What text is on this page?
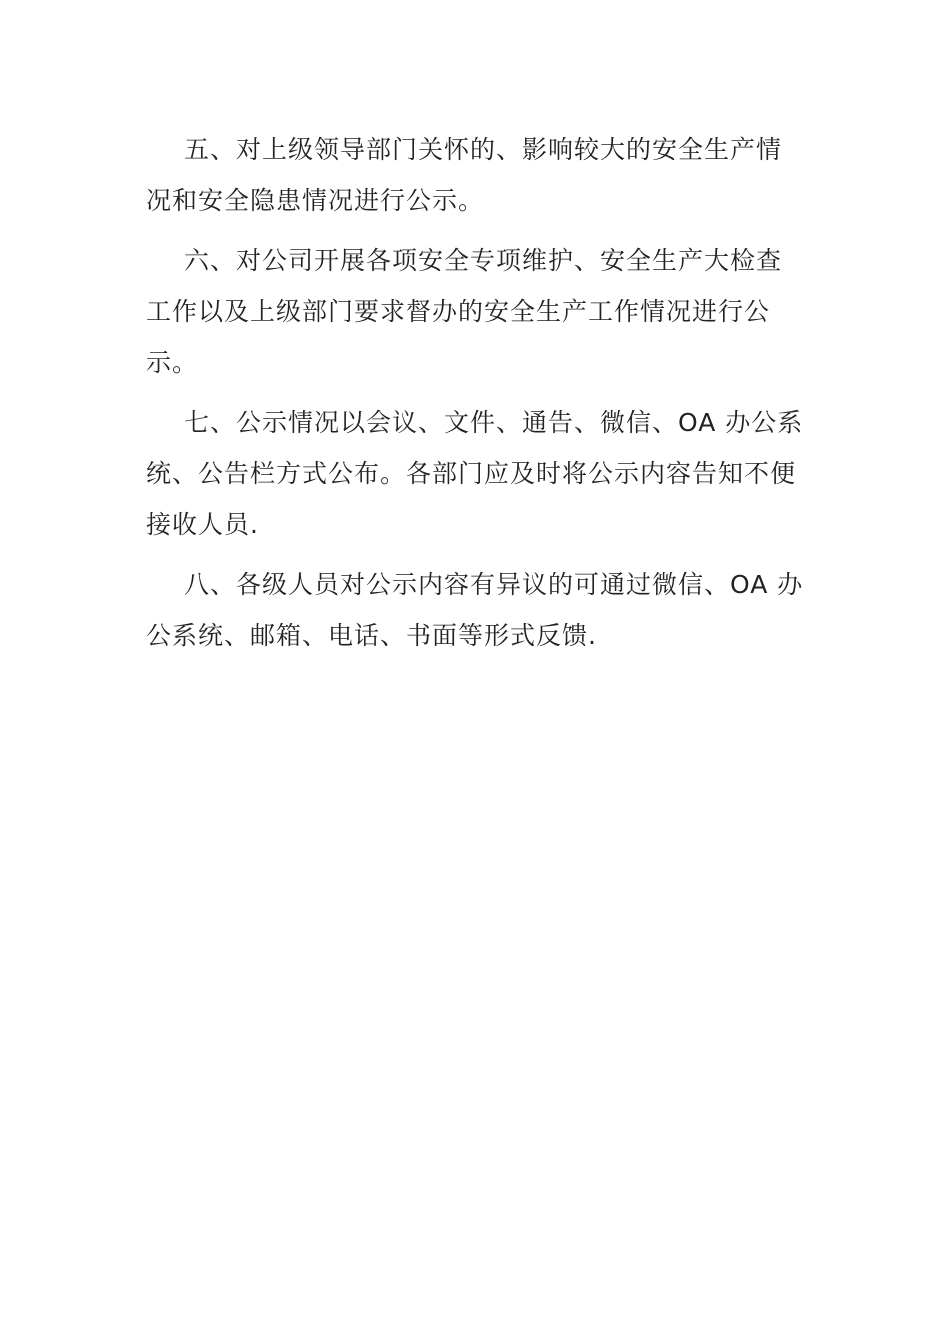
五、对上级领导部门关怀的、影响较大的安全生产情况和安全隐患情况进行公示。

六、对公司开展各项安全专项维护、安全生产大检查工作以及上级部门要求督办的安全生产工作情况进行公示。

七、公示情况以会议、文件、通告、微信、OA 办公系统、公告栏方式公布。各部门应及时将公示内容告知不便接收人员.

八、各级人员对公示内容有异议的可通过微信、OA 办公系统、邮箱、电话、书面等形式反馈.
